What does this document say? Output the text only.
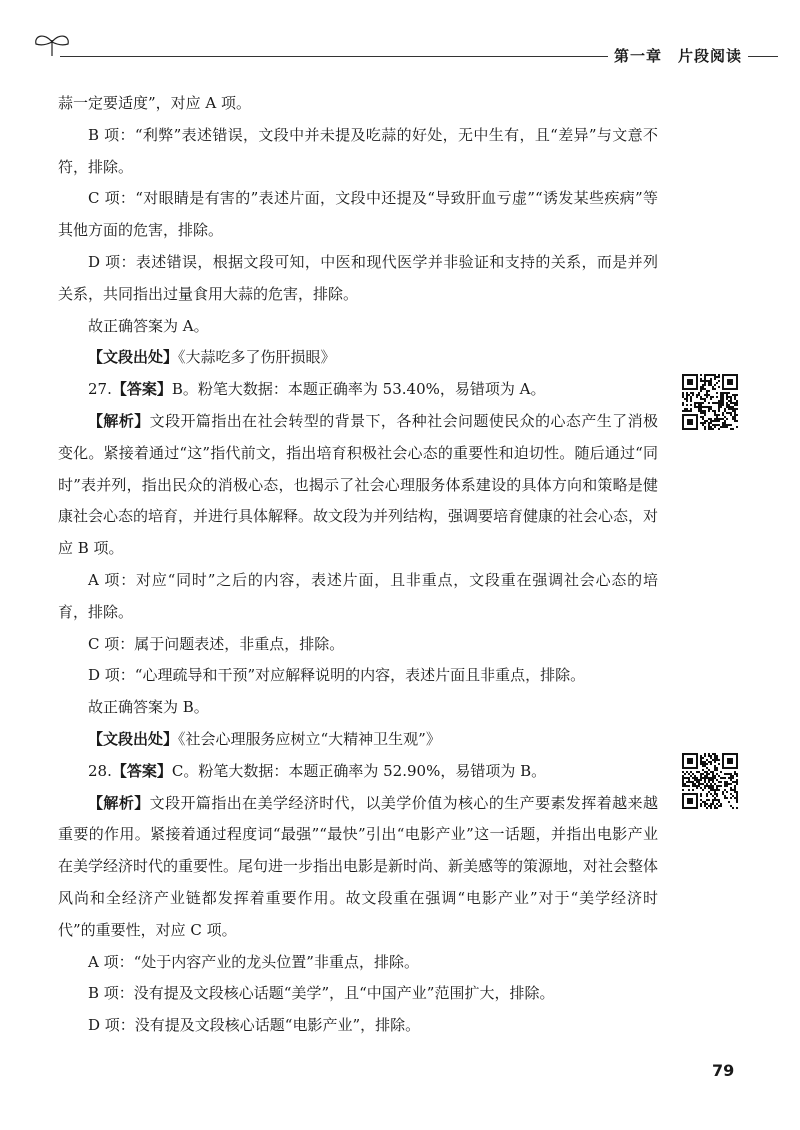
第一章　片段阅读

蒜一定要适度”，对应 A 项。

B 项：“利弊”表述错误，文段中并未提及吃蒜的好处，无中生有，且“差异”与文意不符，排除。

C 项：“对眼睛是有害的”表述片面，文段中还提及“导致肝血亏虚”“诱发某些疾病”等其他方面的危害，排除。

D 项：表述错误，根据文段可知，中医和现代医学并非验证和支持的关系，而是并列关系，共同指出过量食用大蒜的危害，排除。

故正确答案为 A。

【文段出处】《大蒜吃多了伤肝损眼》

27.【答案】B。粉笔大数据：本题正确率为 53.40%，易错项为 A。

【解析】文段开篇指出在社会转型的背景下，各种社会问题使民众的心态产生了消极变化。紧接着通过“这”指代前文，指出培育积极社会心态的重要性和迫切性。随后通过“同时”表并列，指出民众的消极心态，也揭示了社会心理服务体系建设的具体方向和策略是健康社会心态的培育，并进行具体解释。故文段为并列结构，强调要培育健康的社会心态，对应 B 项。

A 项：对应“同时”之后的内容，表述片面，且非重点，文段重在强调社会心态的培育，排除。

C 项：属于问题表述，非重点，排除。

D 项：“心理疏导和干预”对应解释说明的内容，表述片面且非重点，排除。

故正确答案为 B。

【文段出处】《社会心理服务应树立“大精神卫生观”》

28.【答案】C。粉笔大数据：本题正确率为 52.90%，易错项为 B。

【解析】文段开篇指出在美学经济时代，以美学价值为核心的生产要素发挥着越来越重要的作用。紧接着通过程度词“最强”“最快”引出“电影产业”这一话题，并指出电影产业在美学经济时代的重要性。尾句进一步指出电影是新时尚、新美感等的策源地，对社会整体风尚和全经济产业链都发挥着重要作用。故文段重在强调“电影产业”对于“美学经济时代”的重要性，对应 C 项。

A 项：“处于内容产业的龙头位置”非重点，排除。

B 项：没有提及文段核心话题“美学”，且“中国产业”范围扩大，排除。

D 项：没有提及文段核心话题“电影产业”，排除。

79
